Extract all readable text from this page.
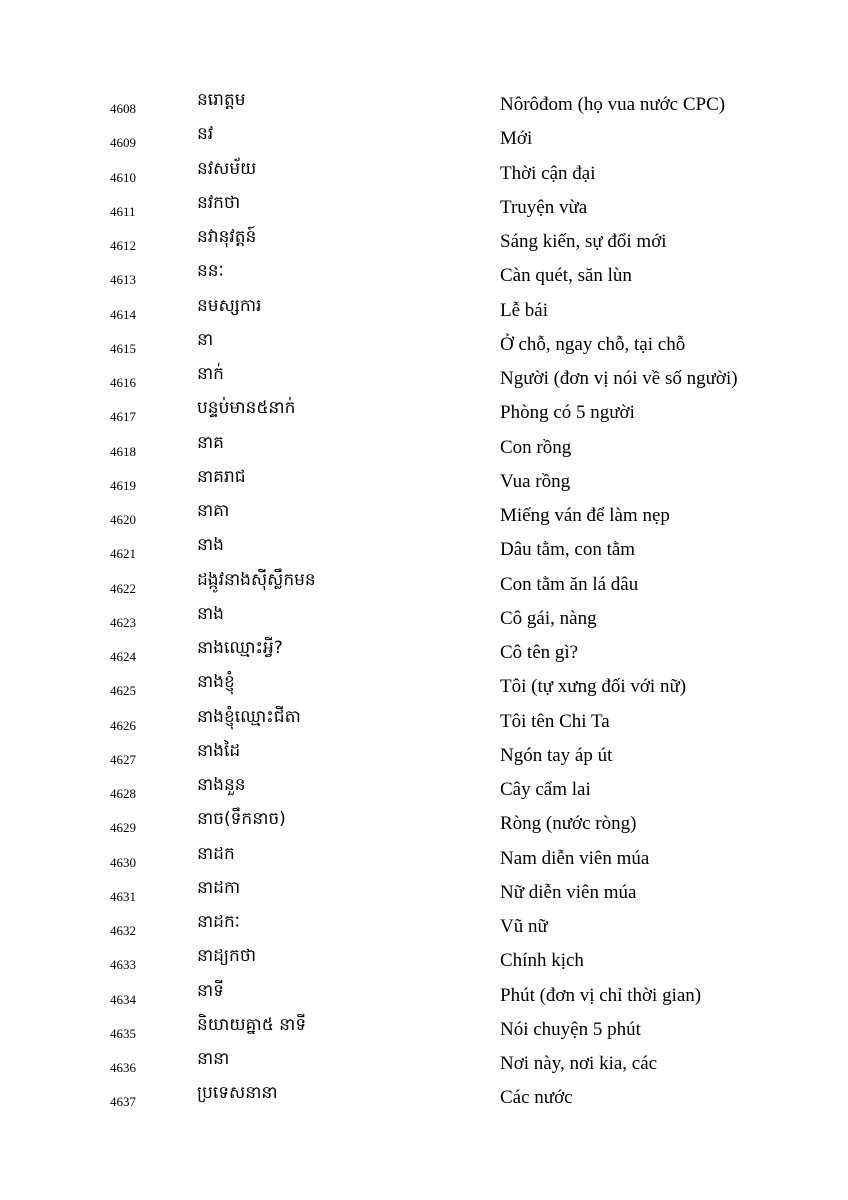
4608	នរោត្តម	Nôrôđom (họ vua nước CPC)
4609	នវ	Mới
4610	នវសម័យ	Thời cận đại
4611	នវកថា	Truyện vừa
4612	នវានុវត្តន៍	Sáng kiến, sự đổi mới
4613	ននៈ	Càn quét, săn lùn
4614	នមស្សការ	Lễ bái
4615	នា	Ở chỗ, ngay chỗ, tại chỗ
4616	នាក់	Người (đơn vị nói về số người)
4617	បន្ទប់មាន៥នាក់	Phòng có 5 người
4618	នាគ	Con rồng
4619	នាគរាជ	Vua rồng
4620	នាគា	Miếng ván để làm nẹp
4621	នាង	Dâu tằm, con tằm
4622	ដង្កូវនាងស៊ីស្លឹកមន	Con tằm ăn lá dâu
4623	នាង	Cô gái, nàng
4624	នាងឈ្មោះអ្វី?	Cô tên gì?
4625	នាងខ្ញុំ	Tôi (tự xưng đối với nữ)
4626	នាងខ្ញុំឈ្មោះជីតា	Tôi tên Chi Ta
4627	នាងដៃ	Ngón tay áp út
4628	នាងនួន	Cây cẩm lai
4629	នាច(ទឹកនាច)	Ròng (nước ròng)
4630	នាដក	Nam diễn viên múa
4631	នាដកា	Nữ diễn viên múa
4632	នាដកៈ	Vũ nữ
4633	នាដ្យកថា	Chính kịch
4634	នាទី	Phút (đơn vị chỉ thời gian)
4635	និយាយគ្នា៥ នាទី	Nói chuyện 5 phút
4636	នានា	Nơi này, nơi kia, các
4637	ប្រទេសនានា	Các nước
